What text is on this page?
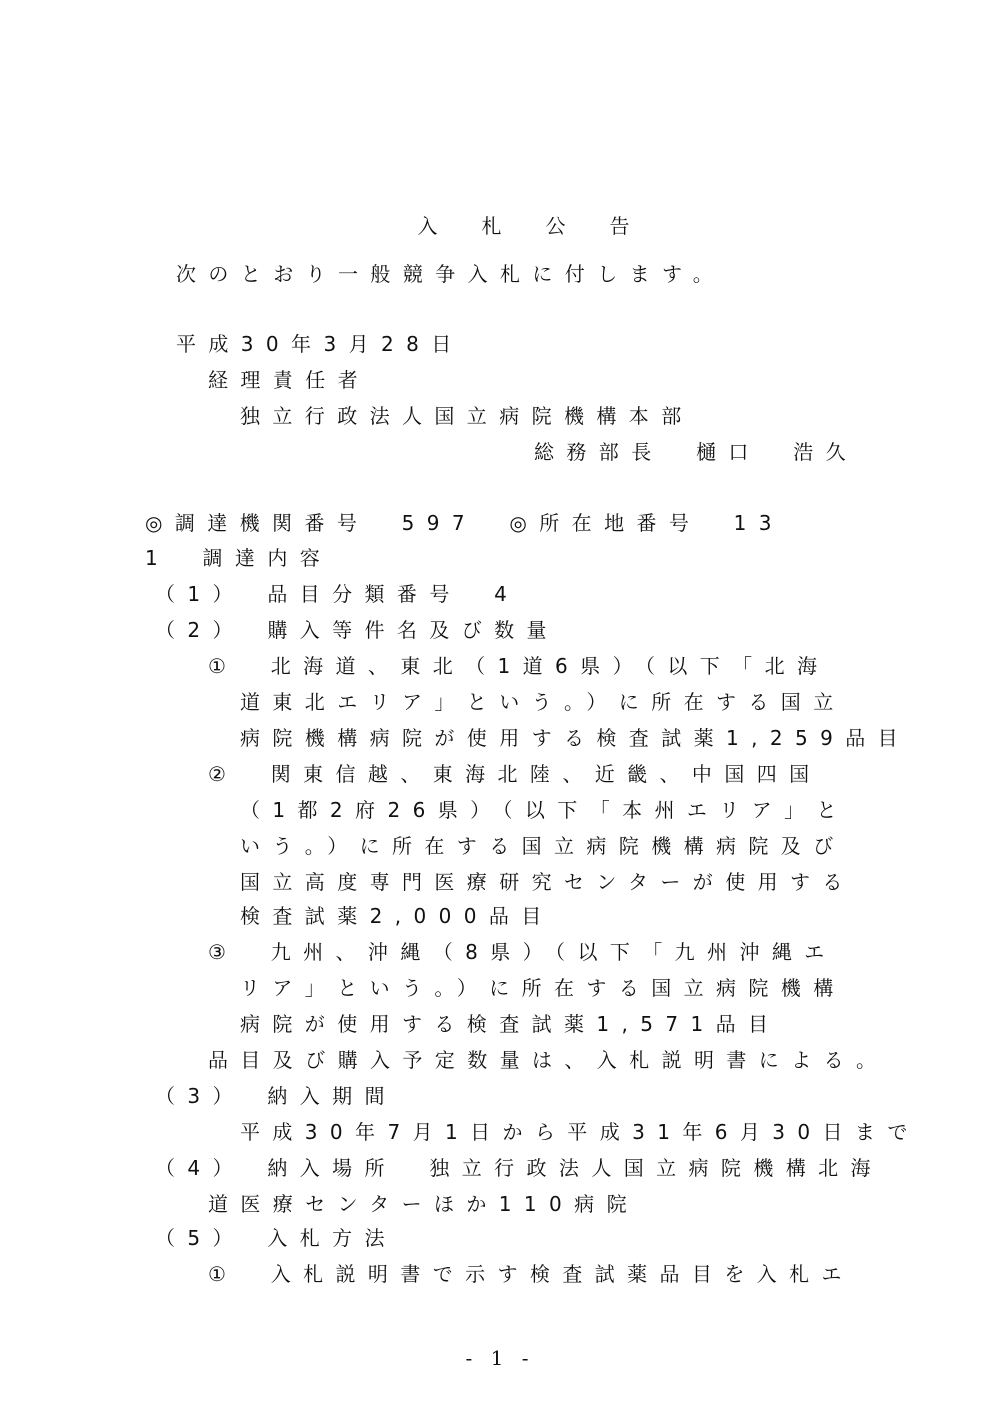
入 札 公 告

次のとおり一般競争入札に付します。
平成30年3月28日
経理責任者
独立行政法人国立病院機構本部
総務部長　樋口　浩久
◎調達機関番号　597　◎所在地番号　13
1　調達内容
（1）　品目分類番号　4
（2）　購入等件名及び数量
①　北海道、東北（1道6県）（以下「北海
道東北エリア」という。）に所在する国立
病院機構病院が使用する検査試薬1,259品目
②　関東信越、東海北陸、近畿、中国四国
（1都2府26県）（以下「本州エリア」と
いう。）に所在する国立病院機構病院及び
国立高度専門医療研究センターが使用する
検査試薬2,000品目
③　九州、沖縄（8県）（以下「九州沖縄エ
リア」という。）に所在する国立病院機構
病院が使用する検査試薬1,571品目
品目及び購入予定数量は、入札説明書による。
（3）　納入期間
平成30年7月1日から平成31年6月30日まで
（4）　納入場所　独立行政法人国立病院機構北海
道医療センターほか110病院
（5）　入札方法
①　入札説明書で示す検査試薬品目を入札エ
- 1 -
